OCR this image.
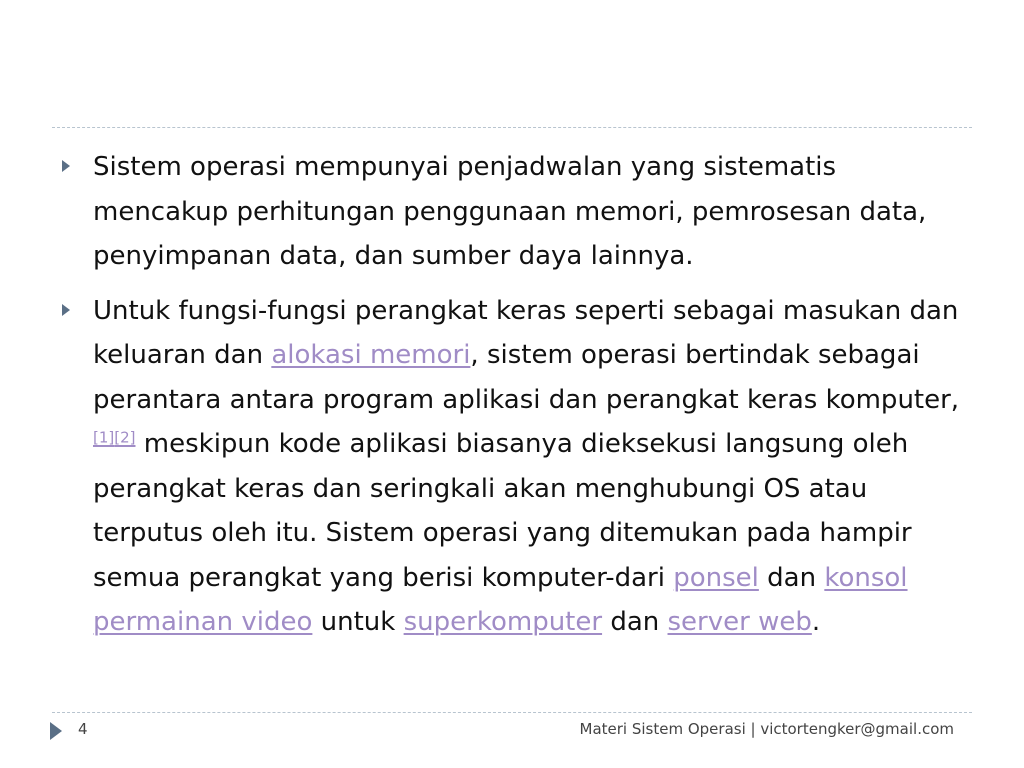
Sistem operasi mempunyai penjadwalan yang sistematis mencakup perhitungan penggunaan memori, pemrosesan data, penyimpanan data, dan sumber daya lainnya.
Untuk fungsi-fungsi perangkat keras seperti sebagai masukan dan keluaran dan alokasi memori, sistem operasi bertindak sebagai perantara antara program aplikasi dan perangkat keras komputer,[1][2] meskipun kode aplikasi biasanya dieksekusi langsung oleh perangkat keras dan seringkali akan menghubungi OS atau terputus oleh itu. Sistem operasi yang ditemukan pada hampir semua perangkat yang berisi komputer-dari ponsel dan konsol permainan video untuk superkomputer dan server web.
4	Materi Sistem Operasi | victortengker@gmail.com
